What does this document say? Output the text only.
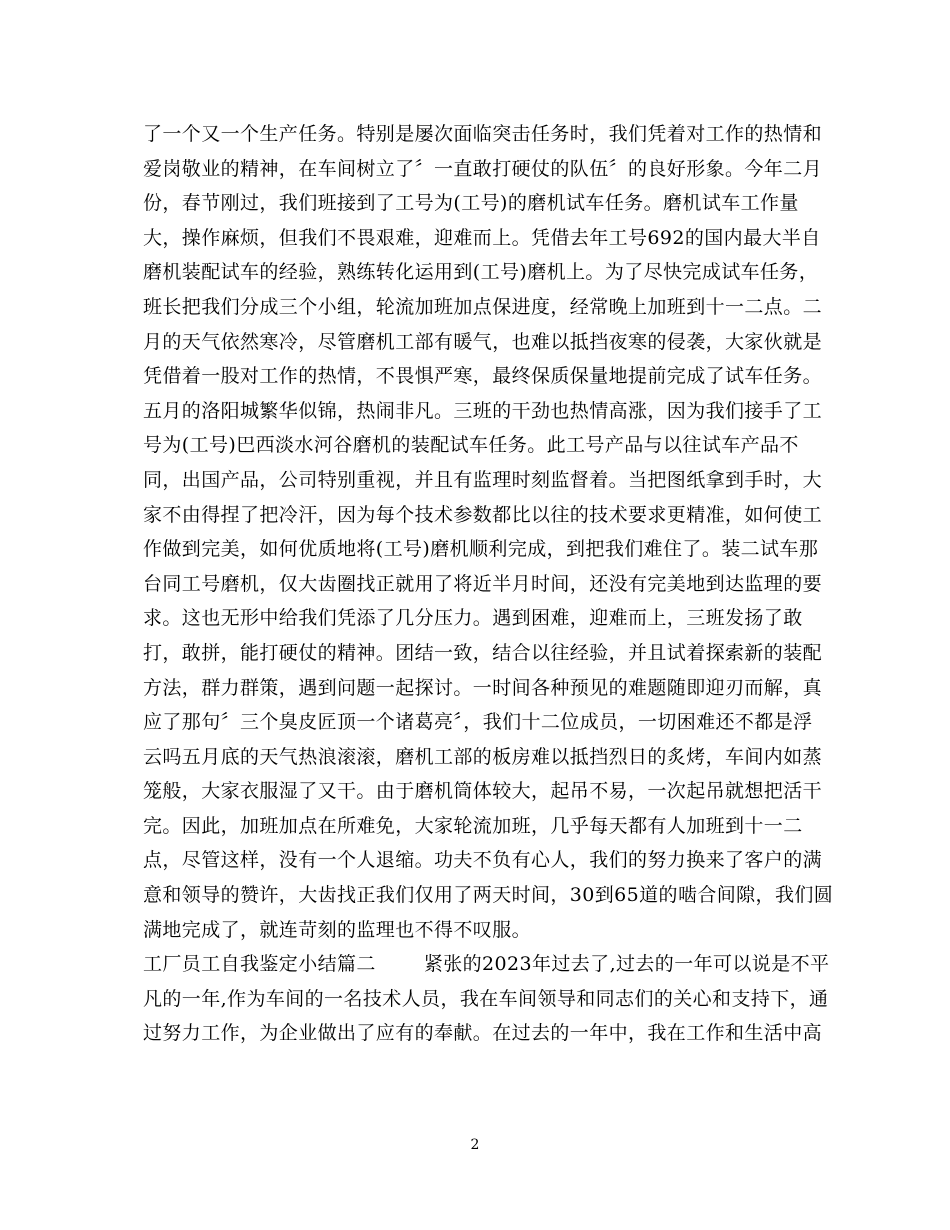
了一个又一个生产任务。特别是屡次面临突击任务时，我们凭着对工作的热情和
爱岗敬业的精神，在车间树立了〞一直敢打硬仗的队伍〞的良好形象。今年二月
份，春节刚过，我们班接到了工号为(工号)的磨机试车任务。磨机试车工作量
大，操作麻烦，但我们不畏艰难，迎难而上。凭借去年工号692的国内最大半自
磨机装配试车的经验，熟练转化运用到(工号)磨机上。为了尽快完成试车任务，
班长把我们分成三个小组，轮流加班加点保进度，经常晚上加班到十一二点。二
月的天气依然寒冷，尽管磨机工部有暖气，也难以抵挡夜寒的侵袭，大家伙就是
凭借着一股对工作的热情，不畏惧严寒，最终保质保量地提前完成了试车任务。
五月的洛阳城繁华似锦，热闹非凡。三班的干劲也热情高涨，因为我们接手了工
号为(工号)巴西淡水河谷磨机的装配试车任务。此工号产品与以往试车产品不
同，出国产品，公司特别重视，并且有监理时刻监督着。当把图纸拿到手时，大
家不由得捏了把冷汗，因为每个技术参数都比以往的技术要求更精准，如何使工
作做到完美，如何优质地将(工号)磨机顺利完成，到把我们难住了。装二试车那
台同工号磨机，仅大齿圈找正就用了将近半月时间，还没有完美地到达监理的要
求。这也无形中给我们凭添了几分压力。遇到困难，迎难而上，三班发扬了敢
打，敢拼，能打硬仗的精神。团结一致，结合以往经验，并且试着探索新的装配
方法，群力群策，遇到问题一起探讨。一时间各种预见的难题随即迎刃而解，真
应了那句〞三个臭皮匠顶一个诸葛亮〞，我们十二位成员，一切困难还不都是浮
云吗五月底的天气热浪滚滚，磨机工部的板房难以抵挡烈日的炙烤，车间内如蒸
笼般，大家衣服湿了又干。由于磨机筒体较大，起吊不易，一次起吊就想把活干
完。因此，加班加点在所难免，大家轮流加班，几乎每天都有人加班到十一二
点，尽管这样，没有一个人退缩。功夫不负有心人，我们的努力换来了客户的满
意和领导的赞许，大齿找正我们仅用了两天时间，30到65道的啮合间隙，我们圆
满地完成了，就连苛刻的监理也不得不叹服。
工厂员工自我鉴定小结篇二	紧张的2023年过去了,过去的一年可以说是不平
凡的一年,作为车间的一名技术人员，我在车间领导和同志们的关心和支持下，通
过努力工作，为企业做出了应有的奉献。在过去的一年中，我在工作和生活中高
2
